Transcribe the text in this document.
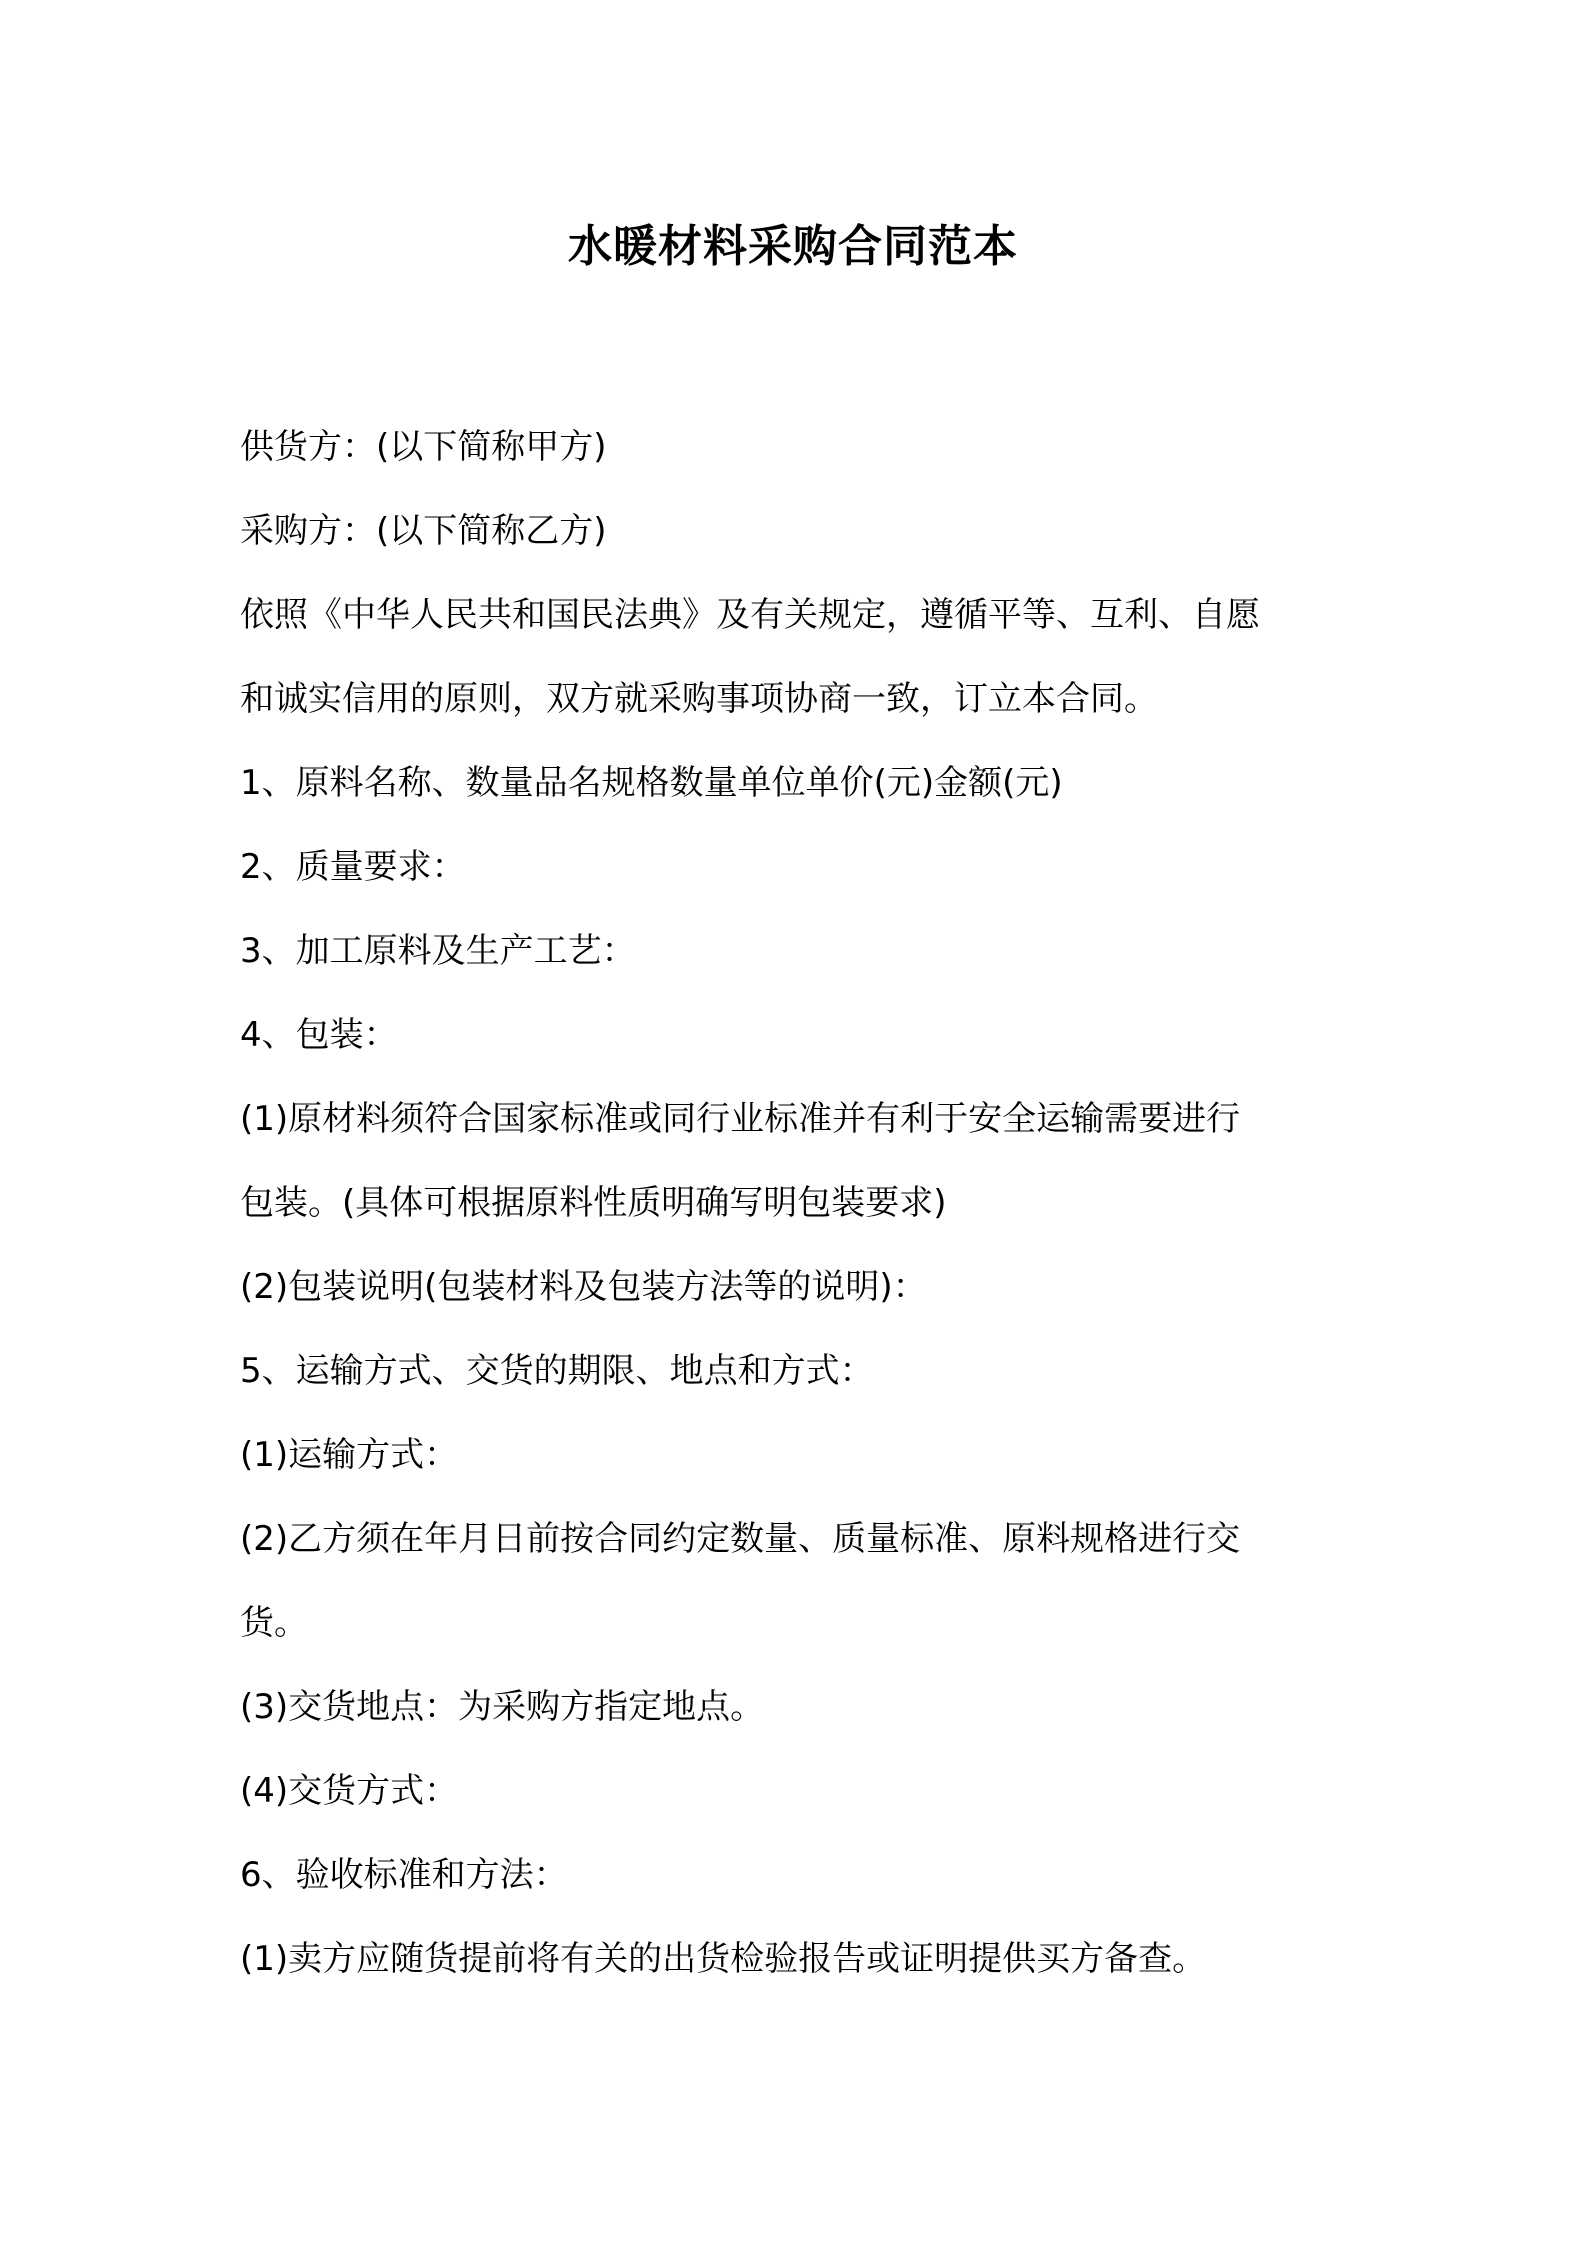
水暖材料采购合同范本

供货方：(以下简称甲方)

采购方：(以下简称乙方)

依照《中华人民共和国民法典》及有关规定，遵循平等、互利、自愿

和诚实信用的原则，双方就采购事项协商一致，订立本合同。

1、原料名称、数量品名规格数量单位单价(元)金额(元)

2、质量要求：

3、加工原料及生产工艺：

4、包装：

(1)原材料须符合国家标准或同行业标准并有利于安全运输需要进行

包装。(具体可根据原料性质明确写明包装要求)

(2)包装说明(包装材料及包装方法等的说明)：

5、运输方式、交货的期限、地点和方式：

(1)运输方式：

(2)乙方须在年月日前按合同约定数量、质量标准、原料规格进行交

货。

(3)交货地点：为采购方指定地点。

(4)交货方式：

6、验收标准和方法：

(1)卖方应随货提前将有关的出货检验报告或证明提供买方备查。
